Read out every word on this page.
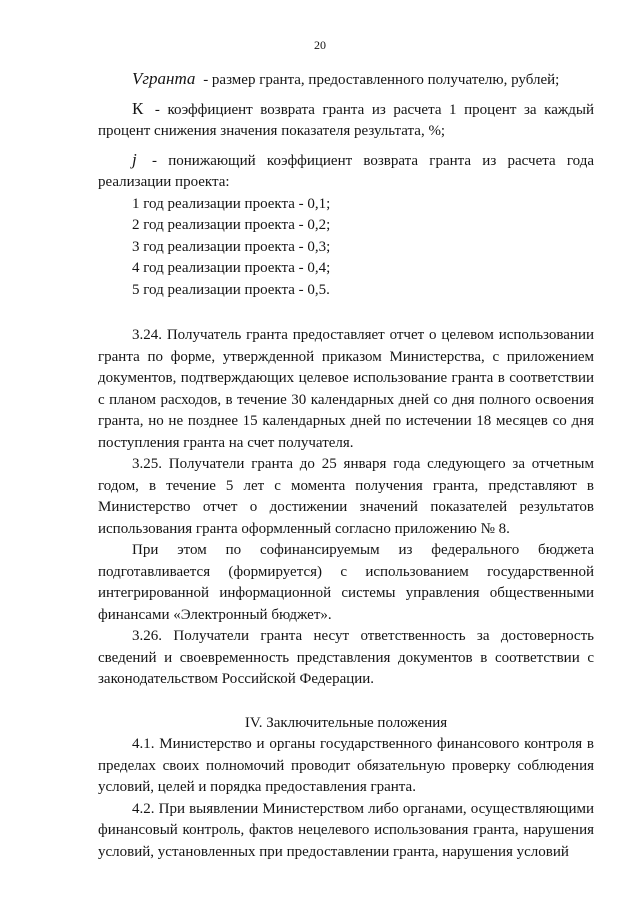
20

Vгранта - размер гранта, предоставленного получателю, рублей;

К - коэффициент возврата гранта из расчета 1 процент за каждый процент снижения значения показателя результата, %;

j - понижающий коэффициент возврата гранта из расчета года реализации проекта:

1 год реализации проекта - 0,1;
2 год реализации проекта - 0,2;
3 год реализации проекта - 0,3;
4 год реализации проекта - 0,4;
5 год реализации проекта - 0,5.

3.24. Получатель гранта предоставляет отчет о целевом использовании гранта по форме, утвержденной приказом Министерства, с приложением документов, подтверждающих целевое использование гранта в соответствии с планом расходов, в течение 30 календарных дней со дня полного освоения гранта, но не позднее 15 календарных дней по истечении 18 месяцев со дня поступления гранта на счет получателя.

3.25. Получатели гранта до 25 января года следующего за отчетным годом, в течение 5 лет с момента получения гранта, представляют в Министерство отчет о достижении значений показателей результатов использования гранта оформленный согласно приложению № 8.

При этом по софинансируемым из федерального бюджета подготавливается (формируется) с использованием государственной интегрированной информационной системы управления общественными финансами «Электронный бюджет».

3.26. Получатели гранта несут ответственность за достоверность сведений и своевременность представления документов в соответствии с законодательством Российской Федерации.

IV. Заключительные положения

4.1. Министерство и органы государственного финансового контроля в пределах своих полномочий проводит обязательную проверку соблюдения условий, целей и порядка предоставления гранта.

4.2. При выявлении Министерством либо органами, осуществляющими финансовый контроль, фактов нецелевого использования гранта, нарушения условий, установленных при предоставлении гранта, нарушения условий
